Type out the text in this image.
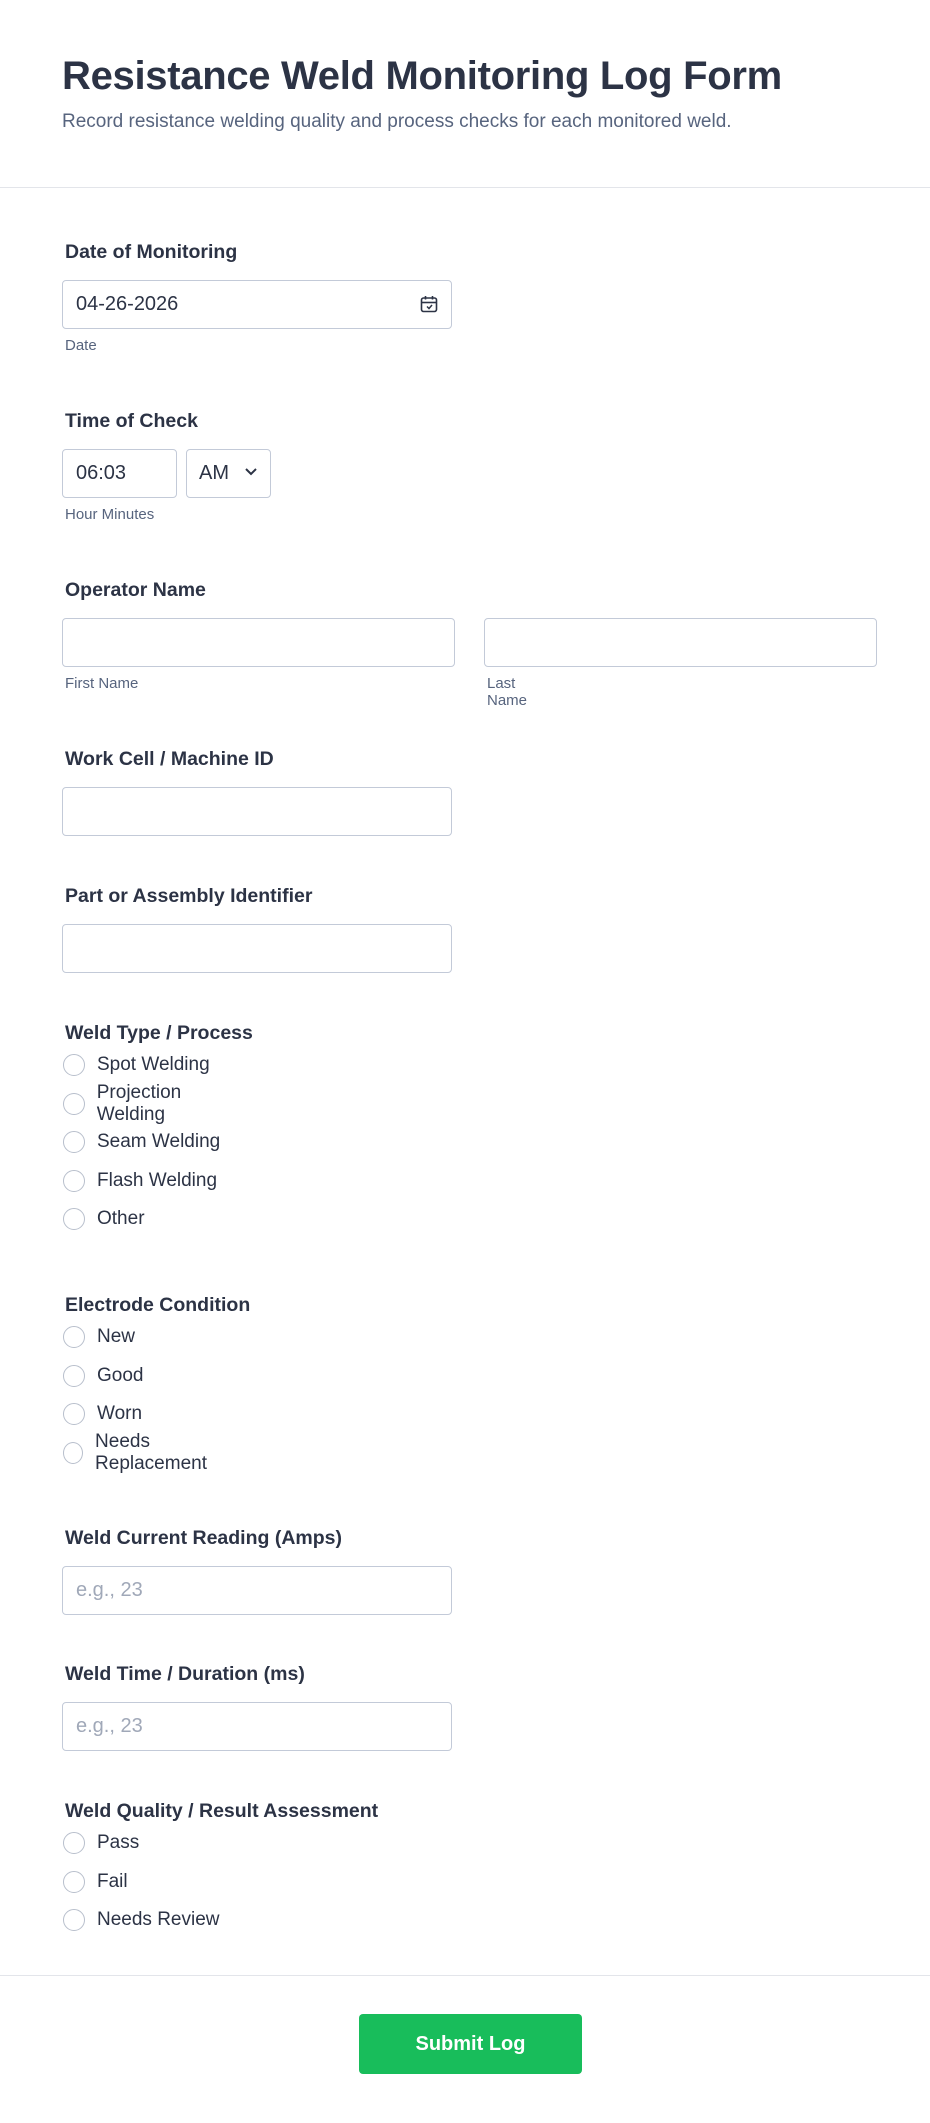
Resistance Weld Monitoring Log Form
Record resistance welding quality and process checks for each monitored weld.
Date of Monitoring
04-26-2026
Date
Time of Check
06:03	AM
Hour Minutes
Operator Name
First Name	Last Name
Work Cell / Machine ID
Part or Assembly Identifier
Weld Type / Process
Spot Welding
Projection Welding
Seam Welding
Flash Welding
Other
Electrode Condition
New
Good
Worn
Needs Replacement
Weld Current Reading (Amps)
e.g., 23
Weld Time / Duration (ms)
e.g., 23
Weld Quality / Result Assessment
Pass
Fail
Needs Review
Submit Log
